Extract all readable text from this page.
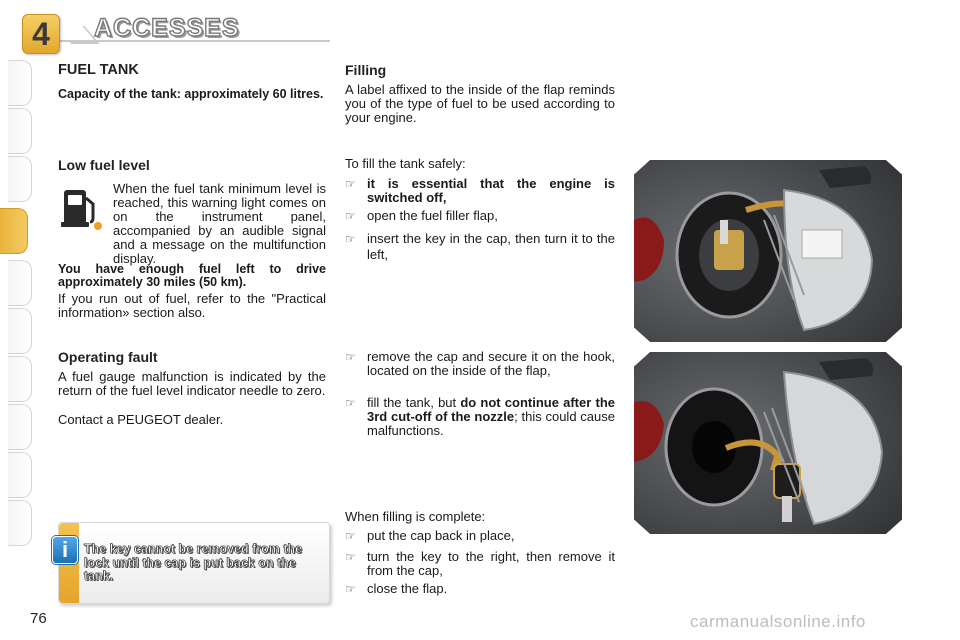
4	ACCESSES
FUEL TANK
Capacity of the tank: approximately 60 litres.
Low fuel level
When the fuel tank minimum level is reached, this warning light comes on on the instrument panel, accompanied by an audible signal and a message on the multifunction display.
You have enough fuel left to drive approximately 30 miles (50 km).
If you run out of fuel, refer to the "Practical information» section also.
Operating fault
A fuel gauge malfunction is indicated by the return of the fuel level indicator needle to zero.
Contact a PEUGEOT dealer.
i	The key cannot be removed from the lock until the cap is put back on the tank.
Filling
A label affixed to the inside of the flap reminds you of the type of fuel to be used according to your engine.
To fill the tank safely:
☞ it is essential that the engine is switched off,
☞ open the fuel filler flap,
☞ insert the key in the cap, then turn it to the left,
☞ remove the cap and secure it on the hook, located on the inside of the flap,
☞ fill the tank, but do not continue after the 3rd cut-off of the nozzle; this could cause malfunctions.
When filling is complete:
☞ put the cap back in place,
☞ turn the key to the right, then remove it from the cap,
☞ close the flap.
76	carmanualsonline.info
